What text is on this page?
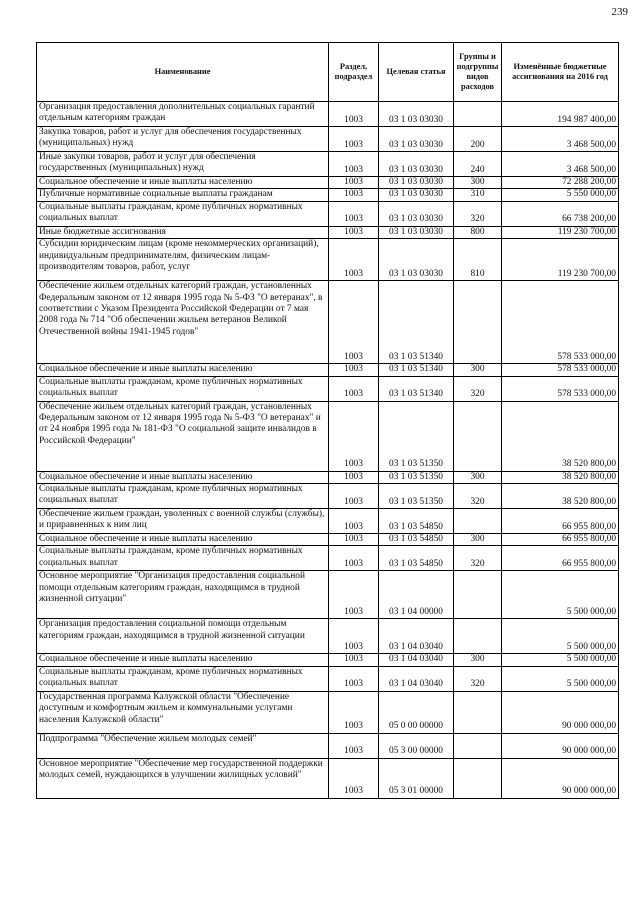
239
Наименование	Раздел, подраздел	Целевая статья	Группы и подгруппы видов расходов	Изменённые бюджетные ассигнования на 2016 год
Организация предоставления дополнительных социальных гарантий отдельным категориям граждан	1003	03 1 03 03030		194 987 400,00
Закупка товаров, работ и услуг для обеспечения государственных (муниципальных) нужд	1003	03 1 03 03030	200	3 468 500,00
Иные закупки товаров, работ и услуг для обеспечения государственных (муниципальных) нужд	1003	03 1 03 03030	240	3 468 500,00
Социальное обеспечение и иные выплаты населению	1003	03 1 03 03030	300	72 288 200,00
Публичные нормативные социальные выплаты гражданам	1003	03 1 03 03030	310	5 550 000,00
Социальные выплаты гражданам, кроме публичных нормативных социальных выплат	1003	03 1 03 03030	320	66 738 200,00
Иные бюджетные ассигнования	1003	03 1 03 03030	800	119 230 700,00
Субсидии юридическим лицам (кроме некоммерческих организаций), индивидуальным предпринимателям, физическим лицам-производителям товаров, работ, услуг	1003	03 1 03 03030	810	119 230 700,00
Обеспечение жильем отдельных категорий граждан, установленных Федеральным законом от 12 января 1995 года № 5-ФЗ "О ветеранах", в соответствии с Указом Президента Российской Федерации от 7 мая 2008 года № 714 "Об обеспечении жильем ветеранов Великой Отечественной войны 1941-1945 годов"	1003	03 1 03 51340		578 533 000,00
Социальное обеспечение и иные выплаты населению	1003	03 1 03 51340	300	578 533 000,00
Социальные выплаты гражданам, кроме публичных нормативных социальных выплат	1003	03 1 03 51340	320	578 533 000,00
Обеспечение жильем отдельных категорий граждан, установленных Федеральным законом от 12 января 1995 года № 5-ФЗ "О ветеранах" и от 24 ноября 1995 года № 181-ФЗ "О социальной защите инвалидов в Российской Федерации"	1003	03 1 03 51350		38 520 800,00
Социальное обеспечение и иные выплаты населению	1003	03 1 03 51350	300	38 520 800,00
Социальные выплаты гражданам, кроме публичных нормативных социальных выплат	1003	03 1 03 51350	320	38 520 800,00
Обеспечение жильем граждан, уволенных с военной службы (службы), и приравненных к ним лиц	1003	03 1 03 54850		66 955 800,00
Социальное обеспечение и иные выплаты населению	1003	03 1 03 54850	300	66 955 800,00
Социальные выплаты гражданам, кроме публичных нормативных социальных выплат	1003	03 1 03 54850	320	66 955 800,00
Основное мероприятие "Организация предоставления социальной помощи отдельным категориям граждан, находящимся в трудной жизненной ситуации"	1003	03 1 04 00000		5 500 000,00
Организация предоставления социальной помощи отдельным категориям граждан, находящимся в трудной жизненной ситуации	1003	03 1 04 03040		5 500 000,00
Социальное обеспечение и иные выплаты населению	1003	03 1 04 03040	300	5 500 000,00
Социальные выплаты гражданам, кроме публичных нормативных социальных выплат	1003	03 1 04 03040	320	5 500 000,00
Государственная программа Калужской области "Обеспечение доступным и комфортным жильем и коммунальными услугами населения Калужской области"	1003	05 0 00 00000		90 000 000,00
Подпрограмма "Обеспечение жильем молодых семей"	1003	05 3 00 00000		90 000 000,00
Основное мероприятие "Обеспечение мер государственной поддержки молодых семей, нуждающихся в улучшении жилищных условий"	1003	05 3 01 00000		90 000 000,00
